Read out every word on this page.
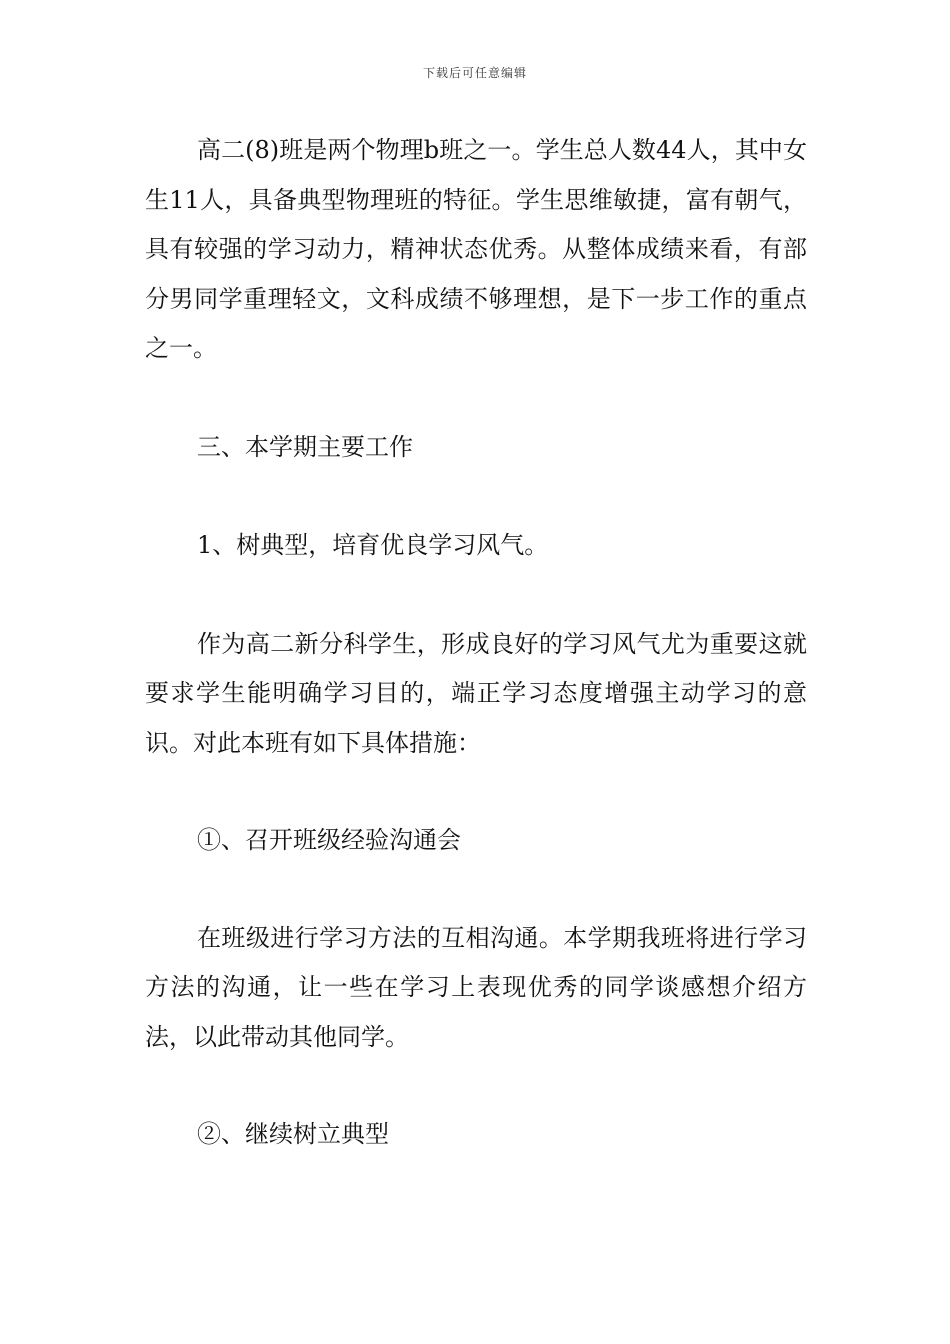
下载后可任意编辑

高二(8)班是两个物理b班之一。学生总人数44人，其中女生11人，具备典型物理班的特征。学生思维敏捷，富有朝气，具有较强的学习动力，精神状态优秀。从整体成绩来看，有部分男同学重理轻文，文科成绩不够理想，是下一步工作的重点之一。

三、本学期主要工作

1、树典型，培育优良学习风气。

作为高二新分科学生，形成良好的学习风气尤为重要这就要求学生能明确学习目的，端正学习态度增强主动学习的意识。对此本班有如下具体措施：

①、召开班级经验沟通会

在班级进行学习方法的互相沟通。本学期我班将进行学习方法的沟通，让一些在学习上表现优秀的同学谈感想介绍方法，以此带动其他同学。

②、继续树立典型
